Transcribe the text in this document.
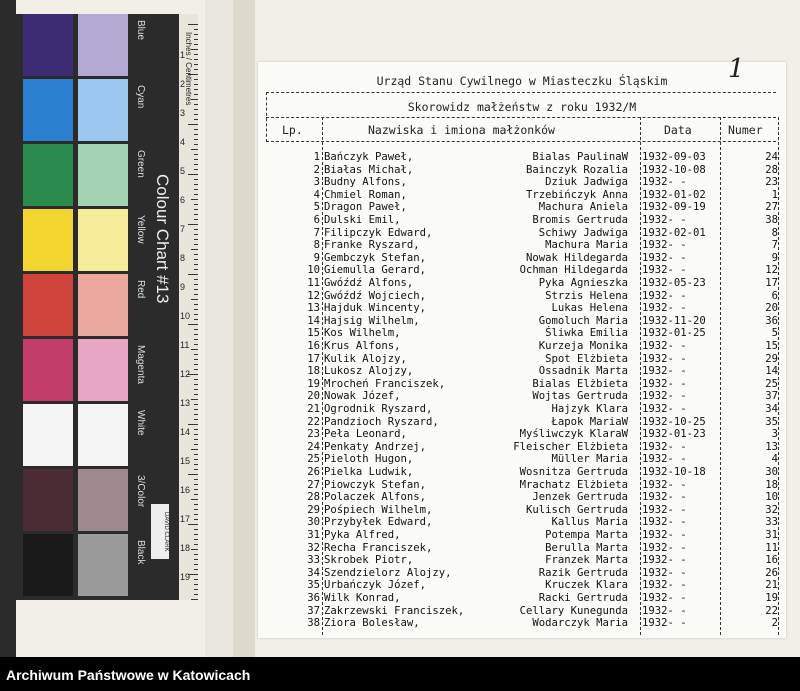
Blue
Cyan
Green
Yellow
Red
Magenta
White
3/Color
Black
Colour Chart #13
DAVID CLARK
1
2
3
4
5
6
7
8
9
10
11
12
13
14
15
16
17
18
19
Inches / Centimetres	1
Urząd Stanu Cywilnego w Miasteczku Śląskim
Skorowidz małżeństw z roku 1932/M
Lp.	Nazwiska i imiona małżonków	Data	Numer
1 Bańczyk Paweł,	Bialas PaulinaW 1932-09-03	24
2 Białas Michał,	Bainczyk Rozalia 1932-10-08	28
3 Budny Alfons,	Dziuk Jadwiga 1932- -	23
4 Chmiel Roman,	Trzebińczyk Anna 1932-01-02	1
5 Dragon Paweł,	Machura Aniela 1932-09-19	27
6 Dulski Emil,	Bromis Gertruda 1932- -	38
7 Filipczyk Edward,	Schiwy Jadwiga 1932-02-01	8
8 Franke Ryszard,	Machura Maria 1932- -	7
9 Gembczyk Stefan,	Nowak Hildegarda 1932- -	9
10 Giemulla Gerard,	Ochman Hildegarda 1932- -	12
11 Gwóźdź Alfons,	Pyka Agnieszka 1932-05-23	17
12 Gwóźdź Wojciech,	Strzis Helena 1932- -	6
13 Hajduk Wincenty,	Lukas Helena 1932- -	20
14 Hajsig Wilhelm,	Gomoluch Maria 1932-11-20	36
15 Kos Wilhelm,	Śliwka Emilia 1932-01-25	5
16 Krus Alfons,	Kurzeja Monika 1932- -	15
17 Kulik Alojzy,	Spot Elżbieta 1932- -	29
18 Lukosz Alojzy,	Ossadnik Marta 1932- -	14
19 Mrocheń Franciszek,	Bialas Elżbieta 1932- -	25
20 Nowak Józef,	Wojtas Gertruda 1932- -	37
21 Ogrodnik Ryszard,	Hajzyk Klara 1932- -	34
22 Pandzioch Ryszard,	Łapok MariaW 1932-10-25	35
23 Peła Leonard,	Myśliwczyk KlaraW 1932-01-23	3
24 Penkaty Andrzej,	Fleischer Elżbieta 1932- -	13
25 Pieloth Hugon,	Müller Maria 1932- -	4
26 Pielka Ludwik,	Wosnitza Gertruda 1932-10-18	30
27 Piowczyk Stefan,	Mrachatz Elżbieta 1932- -	18
28 Polaczek Alfons,	Jenzek Gertruda 1932- -	10
29 Pośpiech Wilhelm,	Kulisch Gertruda 1932- -	32
30 Przybyłek Edward,	Kallus Maria 1932- -	33
31 Pyka Alfred,	Potempa Marta 1932- -	31
32 Recha Franciszek,	Berulla Marta 1932- -	11
33 Skrobek Piotr,	Franzek Marta 1932- -	16
34 Szendzielorz Alojzy,	Razik Gertruda 1932- -	26
35 Urbańczyk Józef,	Kruczek Klara 1932- -	21
36 Wilk Konrad,	Racki Gertruda 1932- -	19
37 Zakrzewski Franciszek,	Cellary Kunegunda 1932- -	22
38 Ziora Bolesław,	Wodarczyk Maria 1932- -	2
Archiwum Państwowe w Katowicach
